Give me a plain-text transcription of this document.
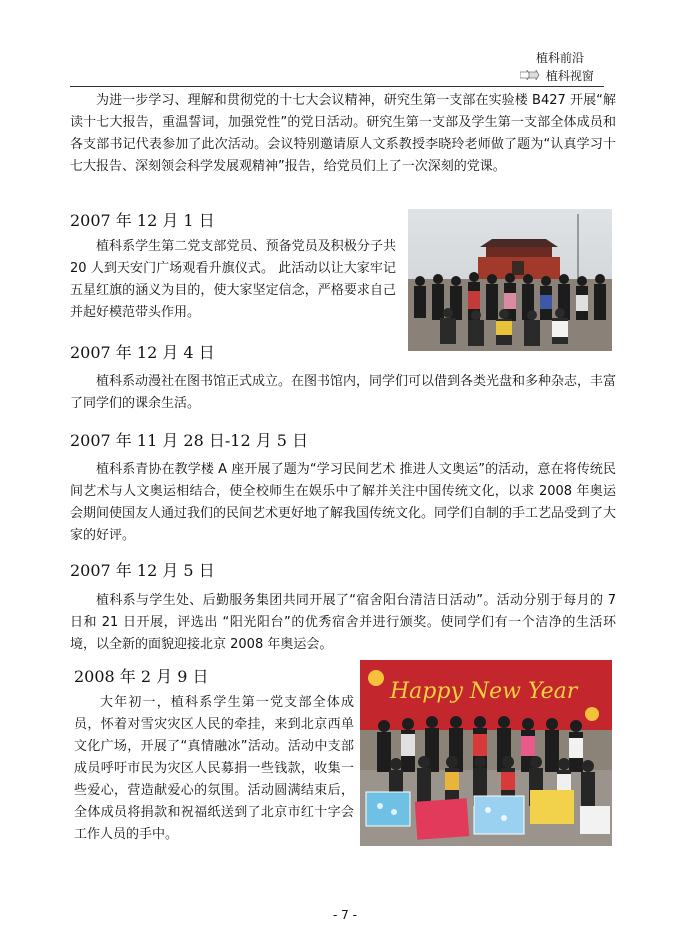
植科前沿
植科视窗

为进一步学习、理解和贯彻党的十七大会议精神，研究生第一支部在实验楼 B427 开展“解读十七大报告，重温誓词，加强党性”的党日活动。研究生第一支部及学生第一支部全体成员和各支部书记代表参加了此次活动。会议特别邀请原人文系教授李晓玲老师做了题为“认真学习十七大报告、深刻领会科学发展观精神”报告，给党员们上了一次深刻的党课。

2007 年 12 月 1 日

植科系学生第二党支部党员、预备党员及积极分子共 20 人到天安门广场观看升旗仪式。 此活动以让大家牢记五星红旗的涵义为目的，使大家坚定信念，严格要求自己并起好模范带头作用。

2007 年 12 月 4 日

植科系动漫社在图书馆正式成立。在图书馆内，同学们可以借到各类光盘和多种杂志，丰富了同学们的课余生活。

2007 年 11 月 28 日-12 月 5 日

植科系青协在教学楼 A 座开展了题为“学习民间艺术 推进人文奥运”的活动，意在将传统民间艺术与人文奥运相结合，使全校师生在娱乐中了解并关注中国传统文化，以求 2008 年奥运会期间使国友人通过我们的民间艺术更好地了解我国传统文化。同学们自制的手工艺品受到了大家的好评。

2007 年 12 月 5 日

植科系与学生处、后勤服务集团共同开展了“宿舍阳台清洁日活动”。活动分别于每月的 7 日和 21 日开展，评选出 “阳光阳台”的优秀宿舍并进行颁奖。使同学们有一个洁净的生活环境，以全新的面貌迎接北京 2008 年奥运会。

2008 年 2 月 9 日

大年初一，植科系学生第一党支部全体成员，怀着对雪灾灾区人民的牵挂，来到北京西单文化广场，开展了“真情融冰”活动。活动中支部成员呼吁市民为灾区人民募捐一些钱款，收集一些爱心，营造献爱心的氛围。活动圆满结束后，全体成员将捐款和祝福纸送到了北京市红十字会工作人员的手中。

Happy New Year
- 7 -
